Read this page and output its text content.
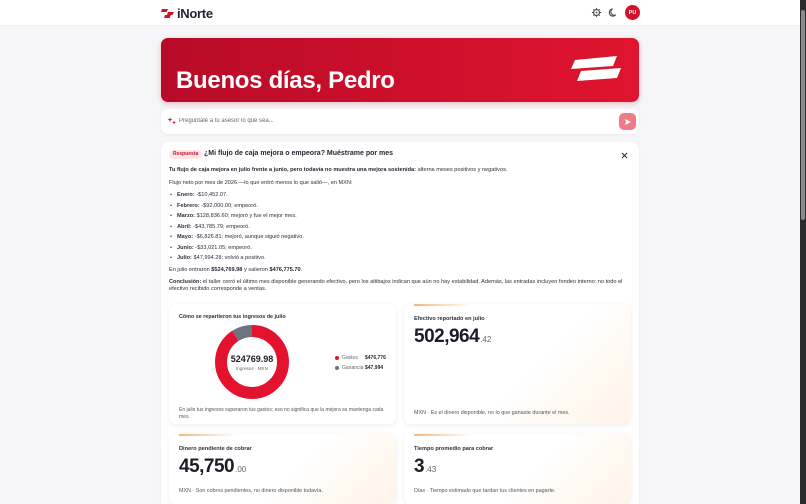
iNorte	PU
Buenos días, Pedro
Pregúntale a tu asesor lo que sea...
Respuesta ¿Mi flujo de caja mejora o empeora? Muéstrame por mes
Tu flujo de caja mejora en julio frente a junio, pero todavía no muestra una mejora sostenida: alterna meses positivos y negativos.
Flujo neto por mes de 2026 —lo que entró menos lo que salió—, en MXN:
• Enero: -$10,452.07.
• Febrero: -$92,000.00; empeoró.
• Marzo: $128,836.60; mejoró y fue el mejor mes.
• Abril: -$43,785.79; empeoró.
• Mayo: -$6,826.81; mejoró, aunque siguió negativo.
• Junio: -$33,021.05; empeoró.
• Julio: $47,994.28; volvió a positivo.
En julio entraron $524,769.98 y salieron $476,775.70.
Conclusión: el taller cerró el último mes disponible generando efectivo, pero los altibajos indican que aún no hay estabilidad. Además, las entradas incluyen fondeo interno: no todo el efectivo recibido corresponde a ventas.
Cómo se repartieron tus ingresos de julio
524769.98
Ingresos · MXN
Gastos $476,776
Ganancia $47,994
En julio tus ingresos superaron tus gastos; eso no significa que la mejora se mantenga cada mes.
Efectivo reportado en julio
502,964.42
MXN · Es el dinero disponible, no lo que ganaste durante el mes.
Dinero pendiente de cobrar
45,750.00
MXN · Son cobros pendientes, no dinero disponible todavía.
Tiempo promedio para cobrar
3.43
Días · Tiempo estimado que tardan tus clientes en pagarte.
